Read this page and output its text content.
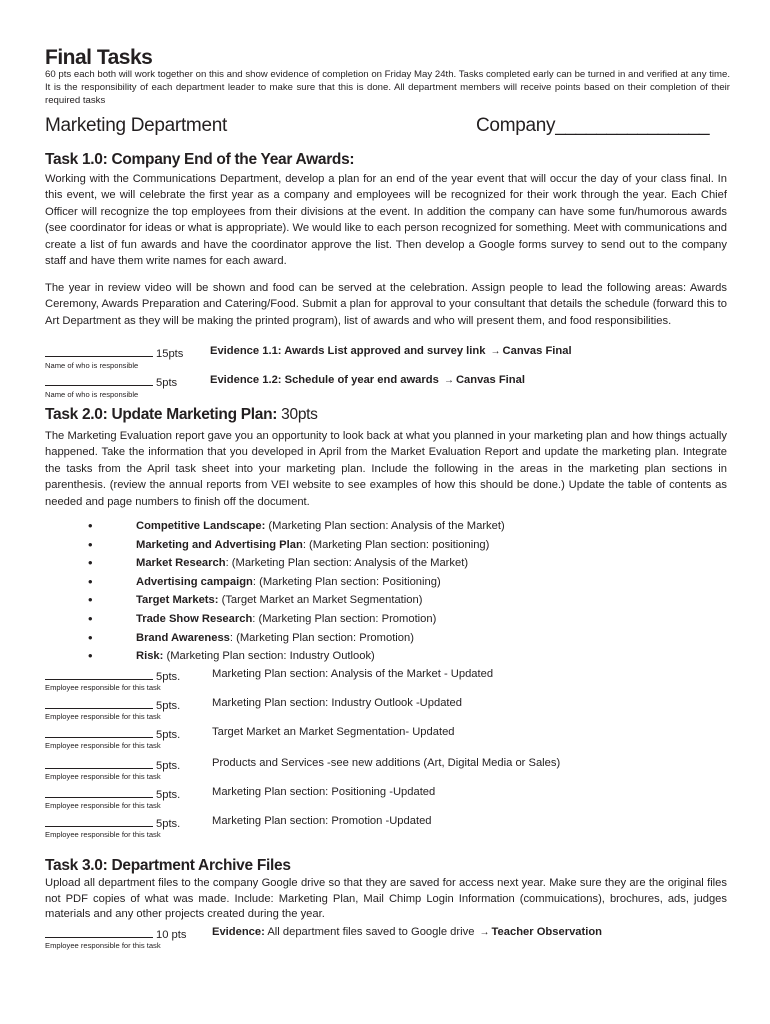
Final Tasks
60 pts each both will work together on this and show evidence of completion on Friday May 24th. Tasks completed early can be turned in and verified at any time. It is the responsibility of each department leader to make sure that this is done. All department members will receive points based on their completion of their required tasks
Marketing Department	Company_______________
Task 1.0: Company End of the Year Awards:
Working with the Communications Department, develop a plan for an end of the year event that will occur the day of your class final. In this event, we will celebrate the first year as a company and employees will be recognized for their work through the year. Each Chief Officer will recognize the top employees from their divisions at the event. In addition the company can have some fun/humorous awards (see coordinator for ideas or what is appropriate). We would like to each person recognized for something. Meet with communications and create a list of fun awards and have the coordinator approve the list. Then develop a Google forms survey to send out to the company staff and have them write names for each award.
The year in review video will be shown and food can be served at the celebration. Assign people to lead the following areas: Awards Ceremony, Awards Preparation and Catering/Food. Submit a plan for approval to your consultant that details the schedule (forward this to Art Department as they will be making the printed program), list of awards and who will present them, and food responsibilities.
15pts Evidence 1.1: Awards List approved and survey link → Canvas Final
Name of who is responsible
5pts	Evidence 1.2: Schedule of year end awards → Canvas Final
Name of who is responsible
Task 2.0: Update Marketing Plan: 30pts
The Marketing Evaluation report gave you an opportunity to look back at what you planned in your marketing plan and how things actually happened. Take the information that you developed in April from the Market Evaluation Report and update the marketing plan. Integrate the tasks from the April task sheet into your marketing plan. Include the following in the areas in the marketing plan sections in parenthesis. (review the annual reports from VEI website to see examples of how this should be done.) Update the table of contents as needed and page numbers to finish off the document.
•	Competitive Landscape: (Marketing Plan section: Analysis of the Market)
•	Marketing and Advertising Plan: (Marketing Plan section: positioning)
•	Market Research: (Marketing Plan section: Analysis of the Market)
•	Advertising campaign: (Marketing Plan section: Positioning)
•	Target Markets: (Target Market an Market Segmentation)
•	Trade Show Research: (Marketing Plan section: Promotion)
•	Brand Awareness: (Marketing Plan section: Promotion)
•	Risk: (Marketing Plan section: Industry Outlook)
5pts.	Marketing Plan section: Analysis of the Market - Updated
Employee responsible for this task
5pts.	Marketing Plan section: Industry Outlook -Updated
Employee responsible for this task
5pts.	Target Market an Market Segmentation- Updated
Employee responsible for this task
5pts.	Products and Services -see new additions (Art, Digital Media or Sales)
Employee responsible for this task
5pts.	Marketing Plan section: Positioning -Updated
Employee responsible for this task
5pts.	Marketing Plan section: Promotion -Updated
Employee responsible for this task
Task 3.0: Department Archive Files
Upload all department files to the company Google drive so that they are saved for access next year. Make sure they are the original files not PDF copies of what was made. Include: Marketing Plan, Mail Chimp Login Information (commuications), brochures, ads, judges materials and any other projects created during the year.
10 pts Evidence: All department files saved to Google drive → Teacher Observation
Employee responsible for this task
